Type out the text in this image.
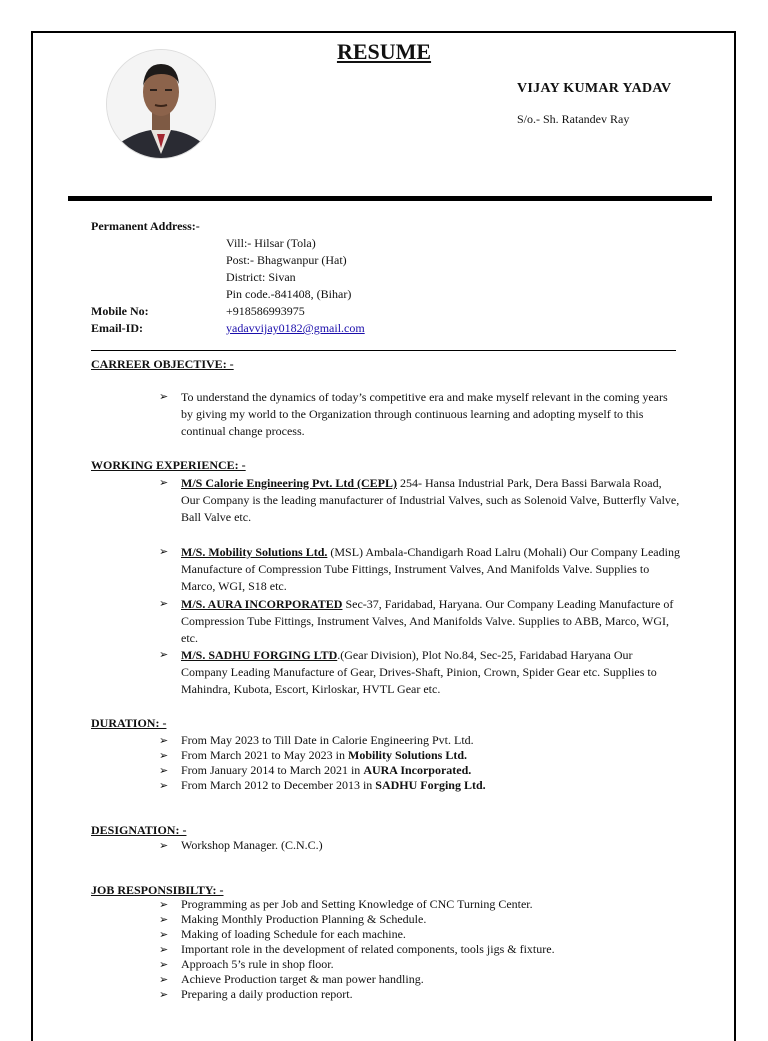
RESUME
VIJAY KUMAR YADAV
S/o.- Sh. Ratandev Ray
Permanent Address:-
Vill:- Hilsar (Tola)
Post:- Bhagwanpur (Hat)
District: Sivan
Pin code.-841408, (Bihar)
Mobile No:	+918586993975
Email-ID:	yadavvijay0182@gmail.com
CARREER OBJECTIVE: -
➢ To understand the dynamics of today’s competitive era and make myself relevant in the coming years by giving my world to the Organization through continuous learning and adopting myself to this continual change process.
WORKING EXPERIENCE: -
➢ M/S Calorie Engineering Pvt. Ltd (CEPL) 254- Hansa Industrial Park, Dera Bassi Barwala Road,
Our Company is the leading manufacturer of Industrial Valves, such as Solenoid Valve, Butterfly Valve, Ball Valve etc.
➢ M/S. Mobility Solutions Ltd. (MSL) Ambala-Chandigarh Road Lalru (Mohali) Our Company Leading Manufacture of Compression Tube Fittings, Instrument Valves, And Manifolds Valve. Supplies to Marco, WGI, S18 etc.
➢ M/S. AURA INCORPORATED Sec-37, Faridabad, Haryana. Our Company Leading Manufacture of Compression Tube Fittings, Instrument Valves, And Manifolds Valve. Supplies to ABB, Marco, WGI, etc.
➢ M/S. SADHU FORGING LTD.(Gear Division), Plot No.84, Sec-25, Faridabad Haryana Our Company Leading Manufacture of Gear, Drives-Shaft, Pinion, Crown, Spider Gear etc. Supplies to Mahindra, Kubota, Escort, Kirloskar, HVTL Gear etc.
DURATION: -
➢ From May 2023 to Till Date in Calorie Engineering Pvt. Ltd.
➢ From March 2021 to May 2023 in Mobility Solutions Ltd.
➢ From January 2014 to March 2021 in AURA Incorporated.
➢ From March 2012 to December 2013 in SADHU Forging Ltd.
DESIGNATION: -
➢ Workshop Manager. (C.N.C.)
JOB RESPONSIBILTY: -
➢ Programming as per Job and Setting Knowledge of CNC Turning Center.
➢ Making Monthly Production Planning & Schedule.
➢ Making of loading Schedule for each machine.
➢ Important role in the development of related components, tools jigs & fixture.
➢ Approach 5’s rule in shop floor.
➢ Achieve Production target & man power handling.
➢ Preparing a daily production report.
